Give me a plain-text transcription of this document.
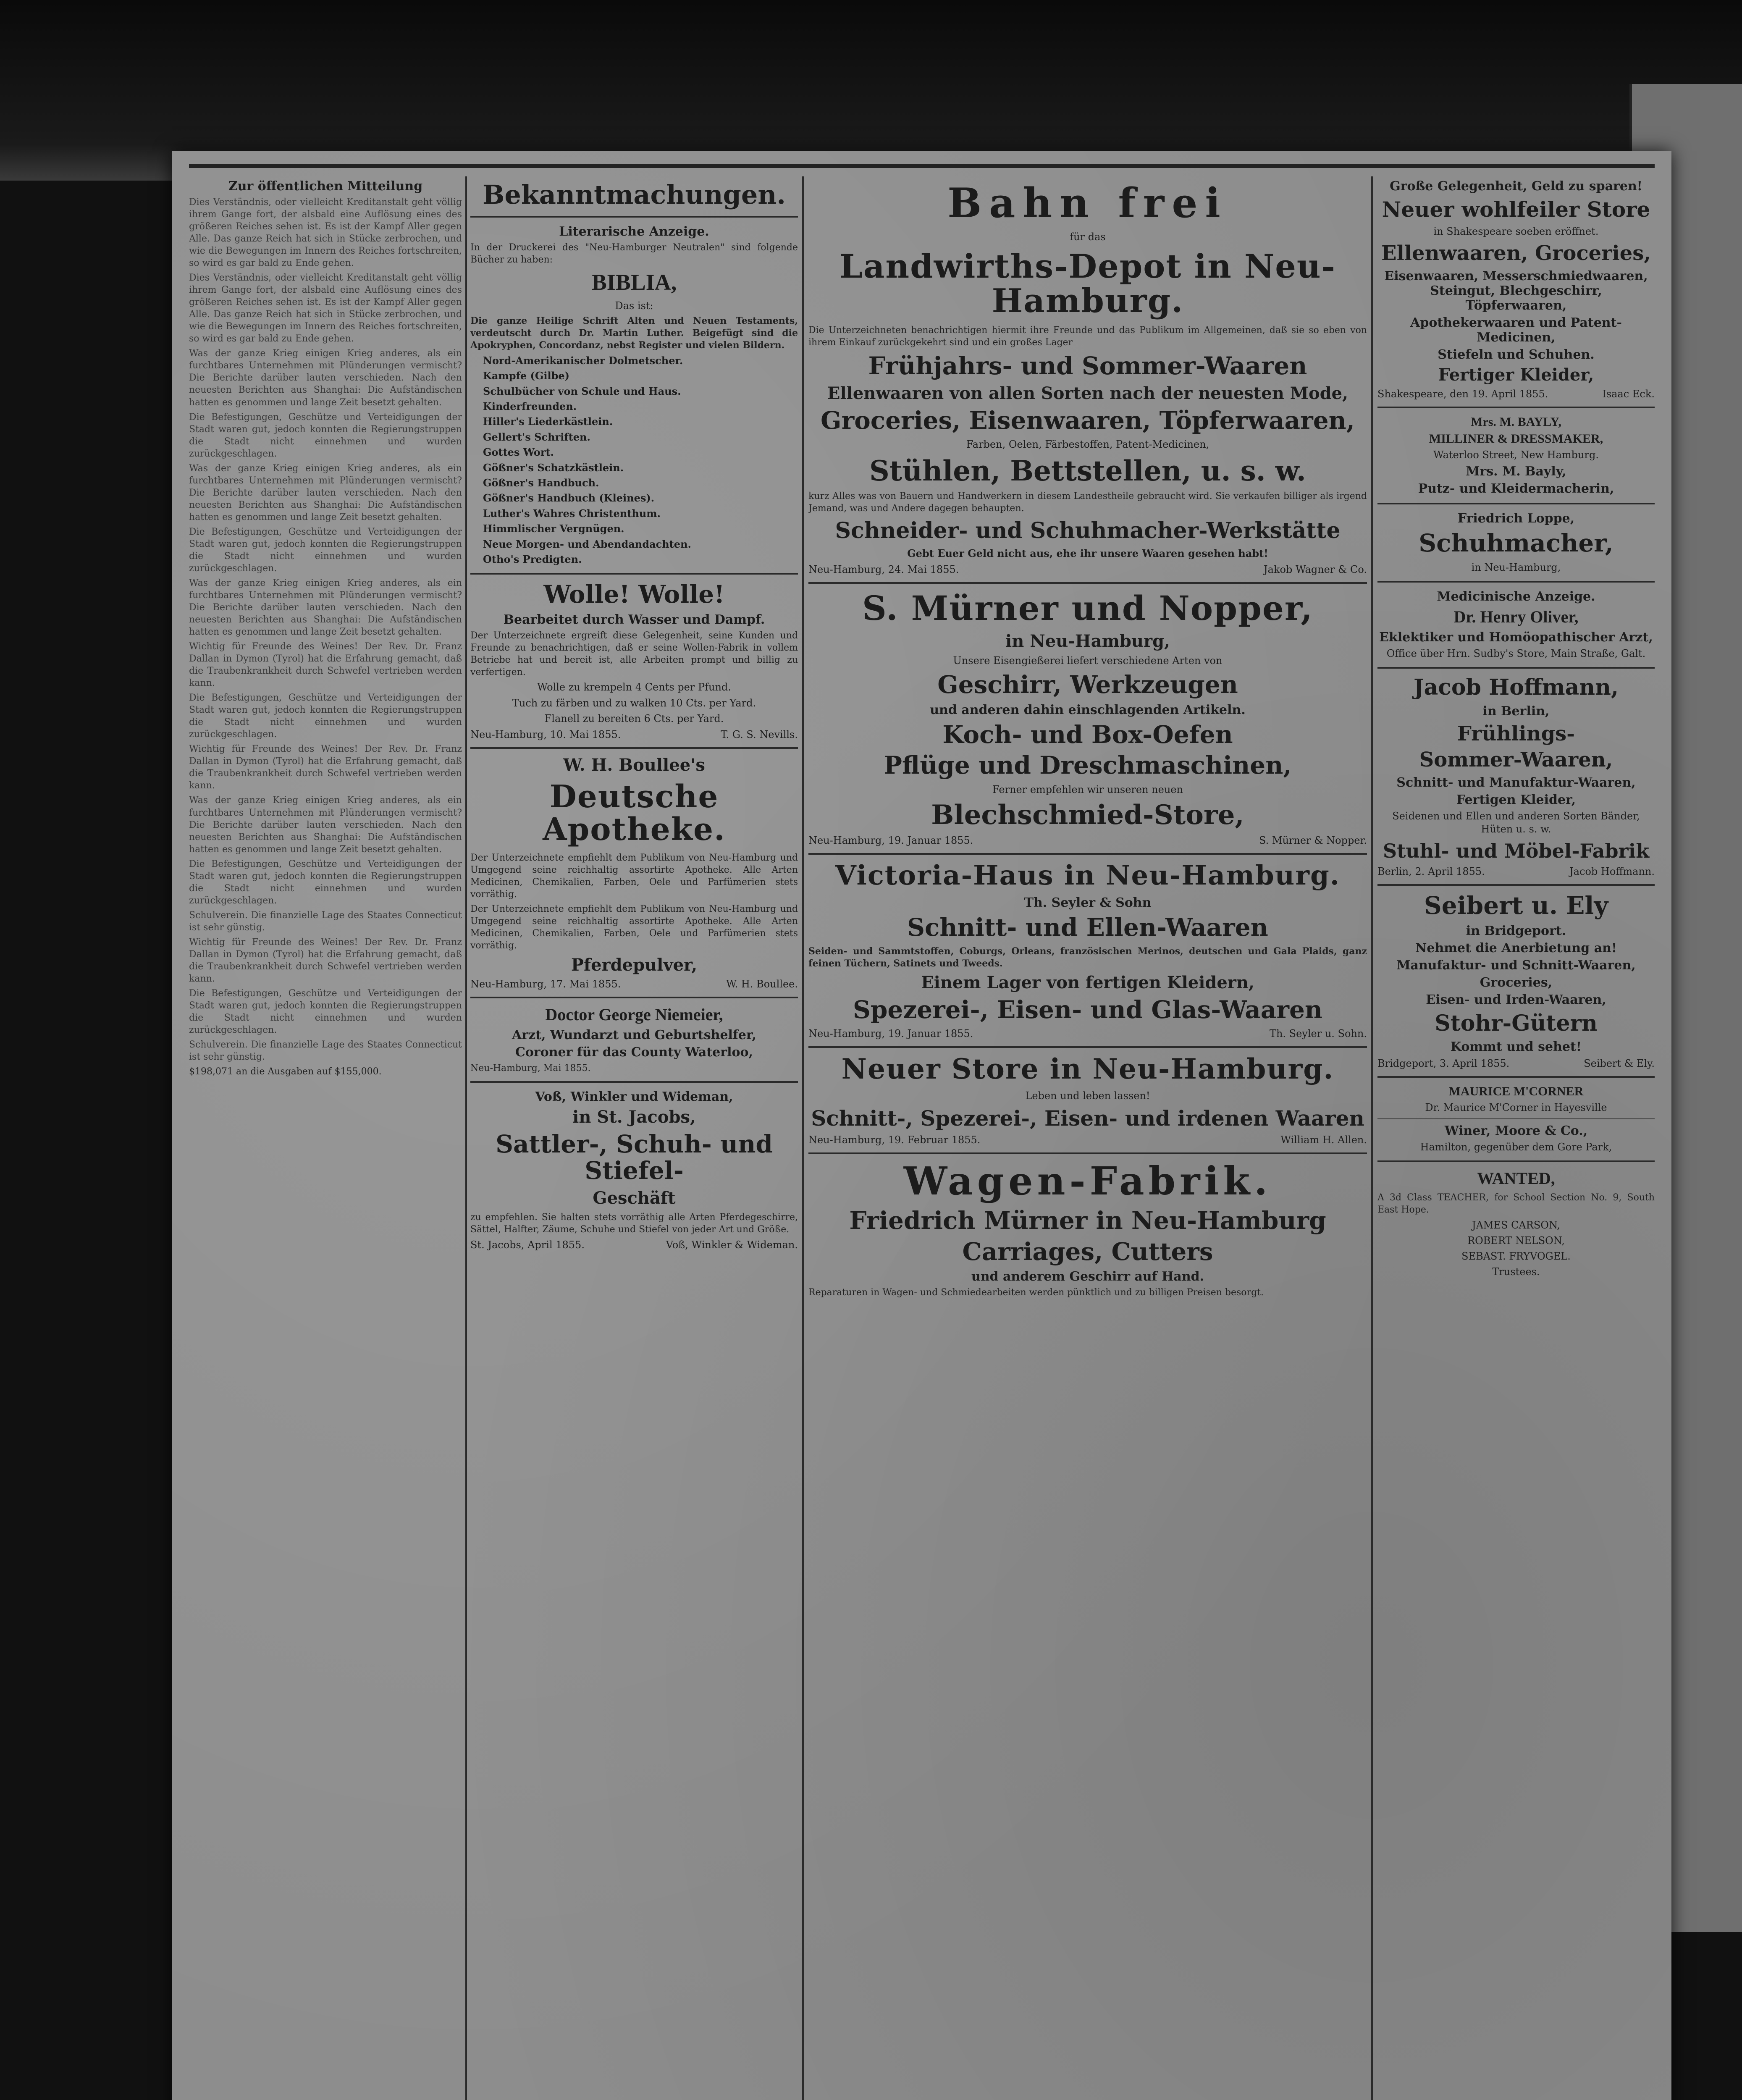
Zur öffentlichen Mitteilung
Dies Verständnis, oder vielleicht Kreditanstalt geht völlig ihrem Gange fort, der alsbald eine Auflösung eines des größeren Reiches sehen ist. Es ist der Kampf Aller gegen Alle. Das ganze Reich hat sich in Stücke zerbrochen, und wie die Bewegungen im Innern des Reiches fortschreiten, so wird es gar bald zu Ende gehen.
Dies Verständnis, oder vielleicht Kreditanstalt geht völlig ihrem Gange fort, der alsbald eine Auflösung eines des größeren Reiches sehen ist. Es ist der Kampf Aller gegen Alle. Das ganze Reich hat sich in Stücke zerbrochen, und wie die Bewegungen im Innern des Reiches fortschreiten, so wird es gar bald zu Ende gehen.
Was der ganze Krieg einigen Krieg anderes, als ein furchtbares Unternehmen mit Plünderungen vermischt? Die Berichte darüber lauten verschieden. Nach den neuesten Berichten aus Shanghai: Die Aufständischen hatten es genommen und lange Zeit besetzt gehalten.
Die Befestigungen, Geschütze und Verteidigungen der Stadt waren gut, jedoch konnten die Regierungstruppen die Stadt nicht einnehmen und wurden zurückgeschlagen.
Was der ganze Krieg einigen Krieg anderes, als ein furchtbares Unternehmen mit Plünderungen vermischt? Die Berichte darüber lauten verschieden. Nach den neuesten Berichten aus Shanghai: Die Aufständischen hatten es genommen und lange Zeit besetzt gehalten.
Die Befestigungen, Geschütze und Verteidigungen der Stadt waren gut, jedoch konnten die Regierungstruppen die Stadt nicht einnehmen und wurden zurückgeschlagen.
Was der ganze Krieg einigen Krieg anderes, als ein furchtbares Unternehmen mit Plünderungen vermischt? Die Berichte darüber lauten verschieden. Nach den neuesten Berichten aus Shanghai: Die Aufständischen hatten es genommen und lange Zeit besetzt gehalten.
Wichtig für Freunde des Weines! Der Rev. Dr. Franz Dallan in Dymon (Tyrol) hat die Erfahrung gemacht, daß die Traubenkrankheit durch Schwefel vertrieben werden kann.
Die Befestigungen, Geschütze und Verteidigungen der Stadt waren gut, jedoch konnten die Regierungstruppen die Stadt nicht einnehmen und wurden zurückgeschlagen.
Wichtig für Freunde des Weines! Der Rev. Dr. Franz Dallan in Dymon (Tyrol) hat die Erfahrung gemacht, daß die Traubenkrankheit durch Schwefel vertrieben werden kann.
Was der ganze Krieg einigen Krieg anderes, als ein furchtbares Unternehmen mit Plünderungen vermischt? Die Berichte darüber lauten verschieden. Nach den neuesten Berichten aus Shanghai: Die Aufständischen hatten es genommen und lange Zeit besetzt gehalten.
Die Befestigungen, Geschütze und Verteidigungen der Stadt waren gut, jedoch konnten die Regierungstruppen die Stadt nicht einnehmen und wurden zurückgeschlagen.
Schulverein. Die finanzielle Lage des Staates Connecticut ist sehr günstig.
Wichtig für Freunde des Weines! Der Rev. Dr. Franz Dallan in Dymon (Tyrol) hat die Erfahrung gemacht, daß die Traubenkrankheit durch Schwefel vertrieben werden kann.
Die Befestigungen, Geschütze und Verteidigungen der Stadt waren gut, jedoch konnten die Regierungstruppen die Stadt nicht einnehmen und wurden zurückgeschlagen.
Schulverein. Die finanzielle Lage des Staates Connecticut ist sehr günstig.
$198,071 an die Ausgaben auf $155,000.
Bekanntmachungen.
Literarische Anzeige.
In der Druckerei des "Neu-Hamburger Neutralen" sind folgende Bücher zu haben:
BIBLIA,
Das ist:
Die ganze Heilige Schrift Alten und Neuen Testaments, verdeutscht durch Dr. Martin Luther. Beigefügt sind die Apokryphen, Concordanz, nebst Register und vielen Bildern.
Nord-Amerikanischer Dolmetscher.
Kampfe (Gilbe)
Schulbücher von Schule und Haus.
Kinderfreunden.
Hiller's Liederkästlein.
Gellert's Schriften.
Gottes Wort.
Gößner's Schatzkästlein.
Gößner's Handbuch.
Gößner's Handbuch (Kleines).
Luther's Wahres Christenthum.
Himmlischer Vergnügen.
Neue Morgen- und Abendandachten.
Otho's Predigten.
Wolle! Wolle!
Bearbeitet durch Wasser und Dampf.
Der Unterzeichnete ergreift diese Gelegenheit, seine Kunden und Freunde zu benachrichtigen, daß er seine Wollen-Fabrik in vollem Betriebe hat und bereit ist, alle Arbeiten prompt und billig zu verfertigen.
Wolle zu krempeln 4 Cents per Pfund.
Tuch zu färben und zu walken 10 Cts. per Yard.
Flanell zu bereiten 6 Cts. per Yard.
Neu-Hamburg, 10. Mai 1855.	T. G. S. Nevills.
W. H. Boullee's
Deutsche Apotheke.
Der Unterzeichnete empfiehlt dem Publikum von Neu-Hamburg und Umgegend seine reichhaltig assortirte Apotheke. Alle Arten Medicinen, Chemikalien, Farben, Oele und Parfümerien stets vorräthig.
Der Unterzeichnete empfiehlt dem Publikum von Neu-Hamburg und Umgegend seine reichhaltig assortirte Apotheke. Alle Arten Medicinen, Chemikalien, Farben, Oele und Parfümerien stets vorräthig.
Pferdepulver,
Neu-Hamburg, 17. Mai 1855.	W. H. Boullee.
Doctor George Niemeier,
Arzt, Wundarzt und Geburtshelfer,
Coroner für das County Waterloo,
Neu-Hamburg, Mai 1855.
Voß, Winkler und Wideman,
in St. Jacobs,
Sattler-, Schuh- und Stiefel-
Geschäft
zu empfehlen. Sie halten stets vorräthig alle Arten Pferdegeschirre, Sättel, Halfter, Zäume, Schuhe und Stiefel von jeder Art und Größe.
St. Jacobs, April 1855.	Voß, Winkler & Wideman.
Bahn frei
für das
Landwirths-Depot in Neu-Hamburg.
Die Unterzeichneten benachrichtigen hiermit ihre Freunde und das Publikum im Allgemeinen, daß sie so eben von ihrem Einkauf zurückgekehrt sind und ein großes Lager
Frühjahrs- und Sommer-Waaren
Ellenwaaren von allen Sorten nach der neuesten Mode,
Groceries, Eisenwaaren, Töpferwaaren,
Farben, Oelen, Färbestoffen, Patent-Medicinen,
Stühlen, Bettstellen, u. s. w.
kurz Alles was von Bauern und Handwerkern in diesem Landestheile gebraucht wird. Sie verkaufen billiger als irgend Jemand, was und Andere dagegen behaupten.
Schneider- und Schuhmacher-Werkstätte
Gebt Euer Geld nicht aus, ehe ihr unsere Waaren gesehen habt!
Neu-Hamburg, 24. Mai 1855.	Jakob Wagner & Co.
S. Mürner und Nopper,
in Neu-Hamburg,
Unsere Eisengießerei liefert verschiedene Arten von
Geschirr, Werkzeugen
und anderen dahin einschlagenden Artikeln.
Koch- und Box-Oefen
Pflüge und Dreschmaschinen,
Ferner empfehlen wir unseren neuen
Blechschmied-Store,
Neu-Hamburg, 19. Januar 1855.	S. Mürner & Nopper.
Victoria-Haus in Neu-Hamburg.
Th. Seyler & Sohn
Schnitt- und Ellen-Waaren
Seiden- und Sammtstoffen, Coburgs, Orleans, französischen Merinos, deutschen und Gala Plaids, ganz feinen Tüchern, Satinets und Tweeds.
Einem Lager von fertigen Kleidern,
Spezerei-, Eisen- und Glas-Waaren
Neu-Hamburg, 19. Januar 1855.	Th. Seyler u. Sohn.
Neuer Store in Neu-Hamburg.
Leben und leben lassen!
Schnitt-, Spezerei-, Eisen- und irdenen Waaren
Neu-Hamburg, 19. Februar 1855.	William H. Allen.
Wagen-Fabrik.
Friedrich Mürner in Neu-Hamburg
Carriages, Cutters
und anderem Geschirr auf Hand.
Reparaturen in Wagen- und Schmiedearbeiten werden pünktlich und zu billigen Preisen besorgt.
Große Gelegenheit, Geld zu sparen!
Neuer wohlfeiler Store
in Shakespeare soeben eröffnet.
Ellenwaaren, Groceries,
Eisenwaaren, Messerschmiedwaaren, Steingut, Blechgeschirr, Töpferwaaren,
Apothekerwaaren und Patent-Medicinen,
Stiefeln und Schuhen.
Fertiger Kleider,
Shakespeare, den 19. April 1855.	Isaac Eck.
Mrs. M. BAYLY,
MILLINER & DRESSMAKER,
Waterloo Street, New Hamburg.
Mrs. M. Bayly,
Putz- und Kleidermacherin,
Friedrich Loppe,
Schuhmacher,
in Neu-Hamburg,
Medicinische Anzeige.
Dr. Henry Oliver,
Eklektiker und Homöopathischer Arzt,
Office über Hrn. Sudby's Store, Main Straße, Galt.
Jacob Hoffmann,
in Berlin,
Frühlings-
Sommer-Waaren,
Schnitt- und Manufaktur-Waaren,
Fertigen Kleider,
Seidenen und Ellen und anderen Sorten Bänder, Hüten u. s. w.
Stuhl- und Möbel-Fabrik
Berlin, 2. April 1855.	Jacob Hoffmann.
Seibert u. Ely
in Bridgeport.
Nehmet die Anerbietung an!
Manufaktur- und Schnitt-Waaren,
Groceries,
Eisen- und Irden-Waaren,
Stohr-Gütern
Kommt und sehet!
Bridgeport, 3. April 1855.	Seibert & Ely.
MAURICE M'CORNER
Dr. Maurice M'Corner in Hayesville
Winer, Moore & Co.,
Hamilton, gegenüber dem Gore Park,
WANTED,
A 3d Class TEACHER, for School Section No. 9, South East Hope.
JAMES CARSON,
ROBERT NELSON,
SEBAST. FRYVOGEL.
Trustees.
